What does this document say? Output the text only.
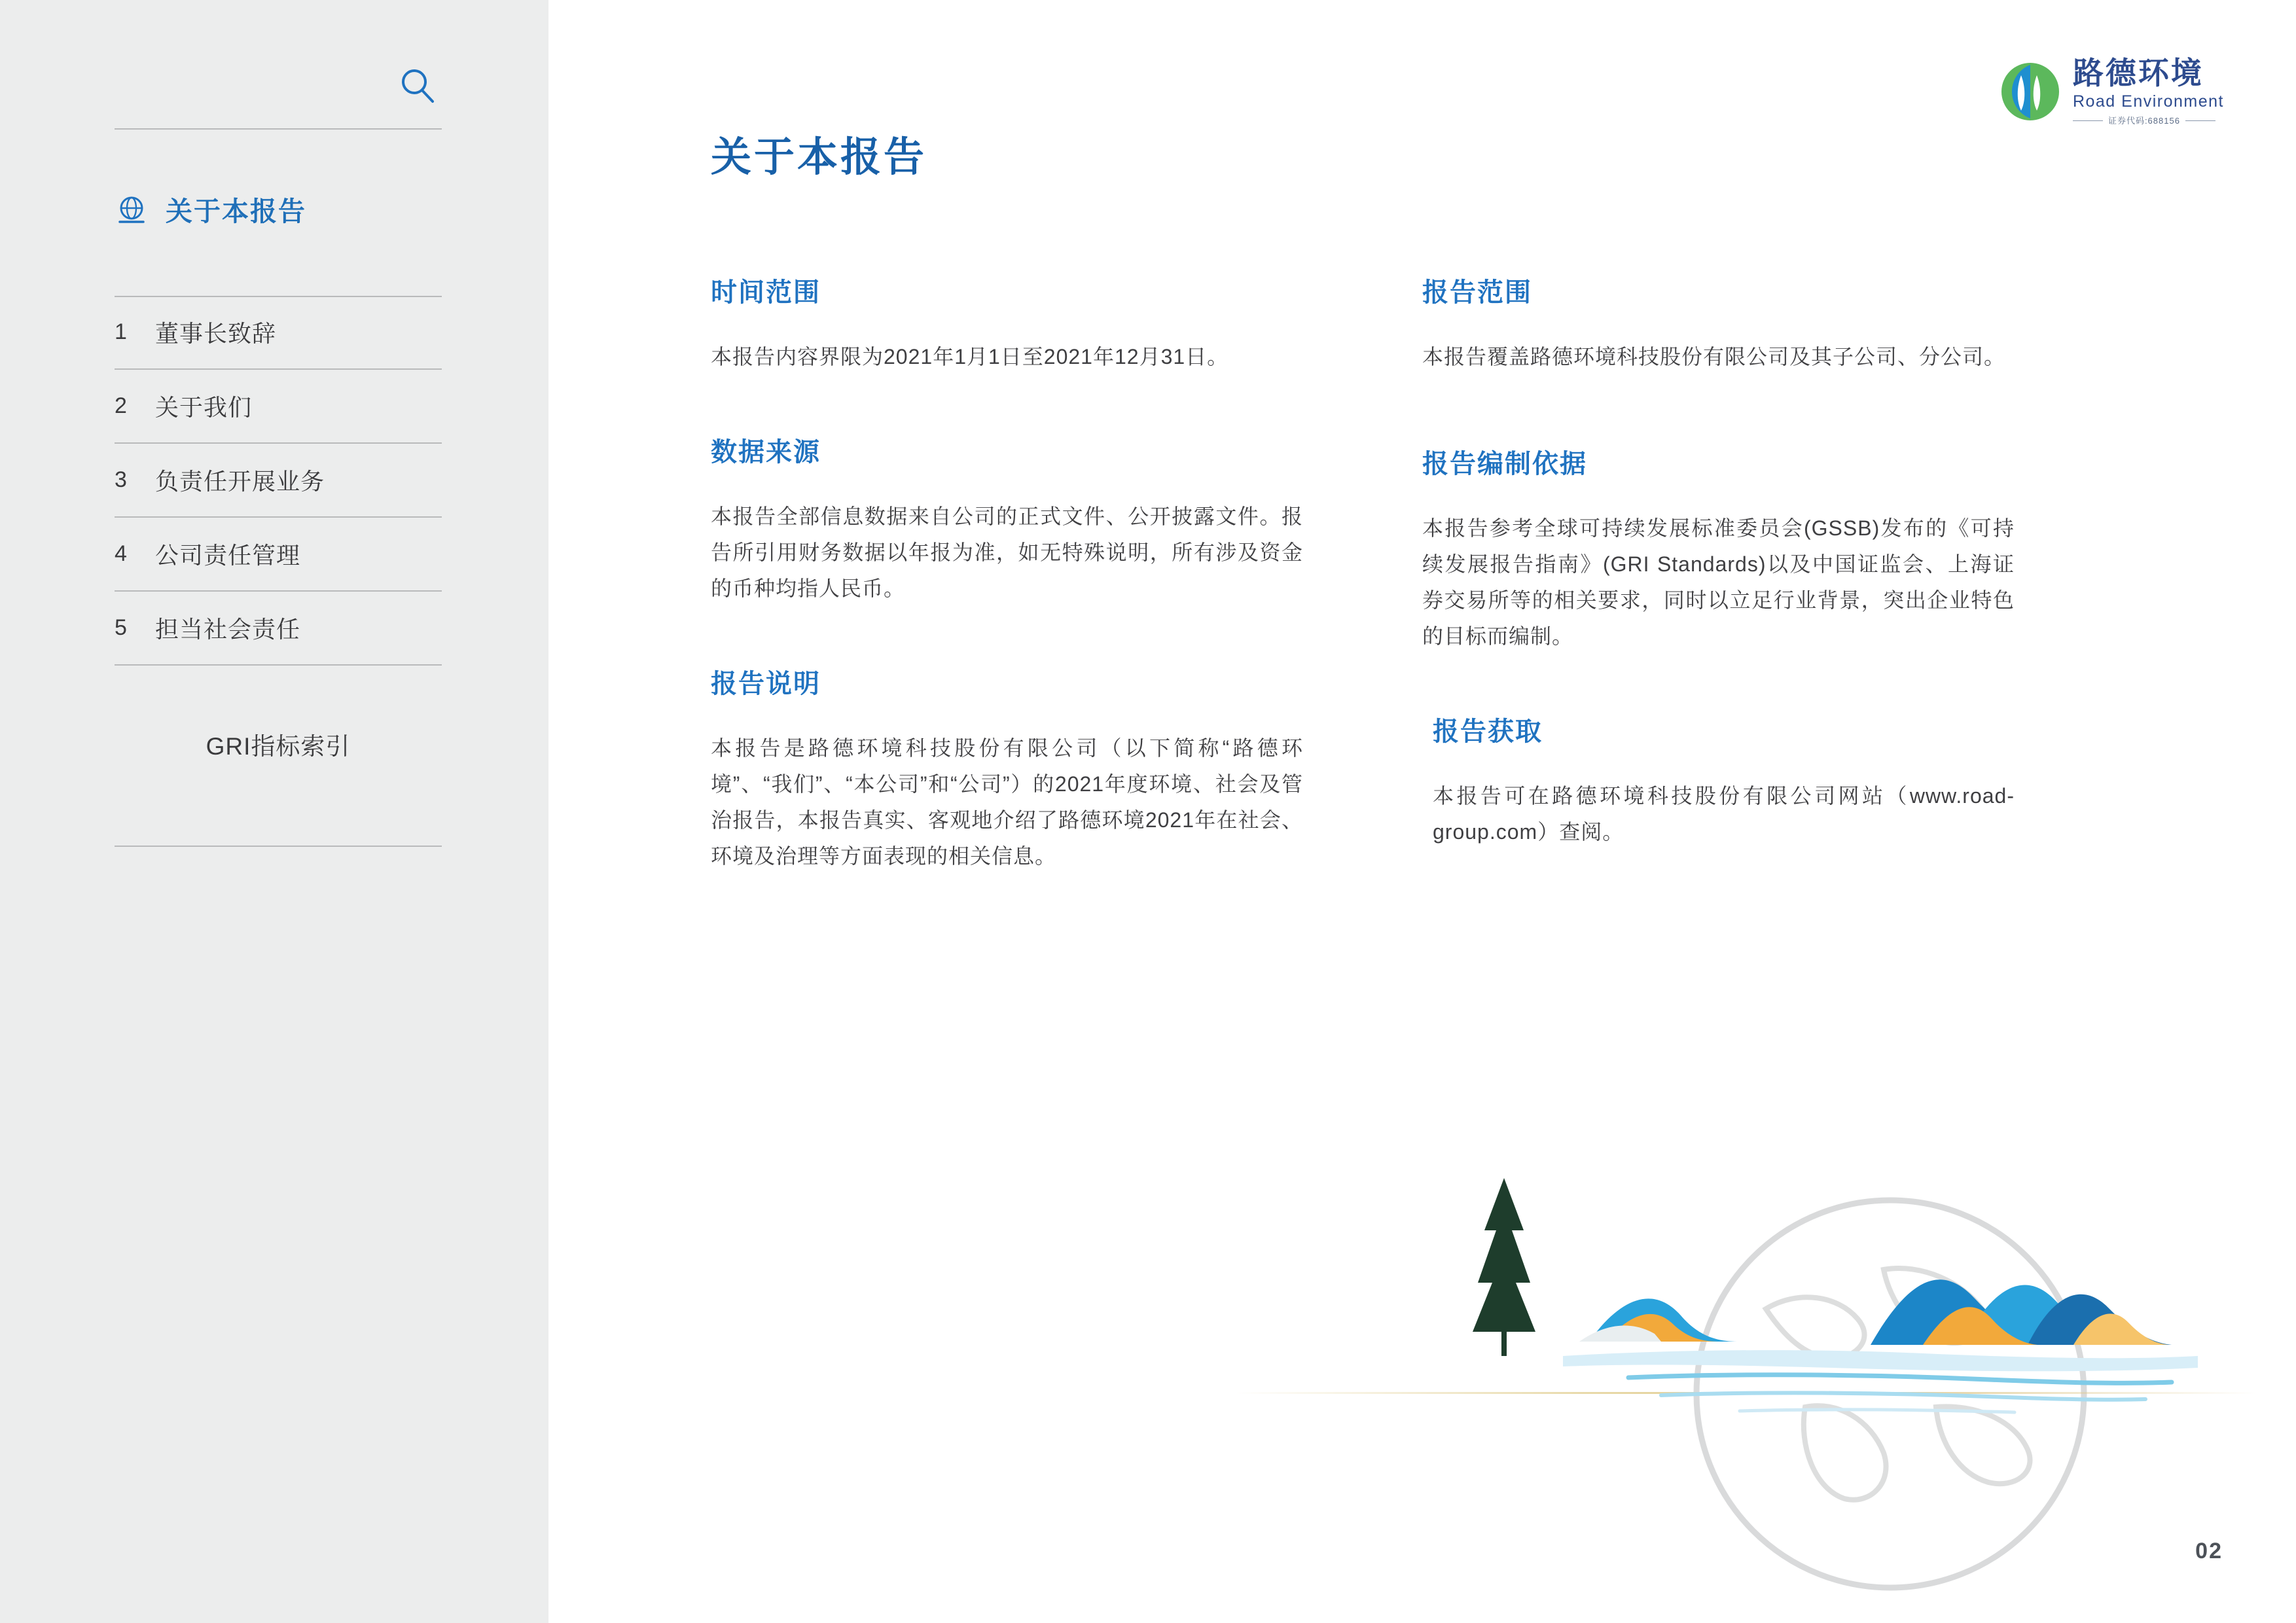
关于本报告
1	董事长致辞
2	关于我们
3	负责任开展业务
4	公司责任管理
5	担当社会责任
GRI指标索引
路德环境
Road Environment
证券代码:688156
关于本报告
时间范围

本报告内容界限为2021年1月1日至2021年12月31日。

数据来源

本报告全部信息数据来自公司的正式文件、公开披露文件。报告所引用财务数据以年报为准，如无特殊说明，所有涉及资金的币种均指人民币。

报告说明

本报告是路德环境科技股份有限公司（以下简称“路德环境”、“我们”、“本公司”和“公司”）的2021年度环境、社会及管治报告，本报告真实、客观地介绍了路德环境2021年在社会、环境及治理等方面表现的相关信息。

报告范围

本报告覆盖路德环境科技股份有限公司及其子公司、分公司。

报告编制依据

本报告参考全球可持续发展标准委员会(GSSB)发布的《可持续发展报告指南》(GRI Standards)以及中国证监会、上海证券交易所等的相关要求，同时以立足行业背景，突出企业特色的目标而编制。

报告获取

本报告可在路德环境科技股份有限公司网站（www.road-group.com）查阅。

02
